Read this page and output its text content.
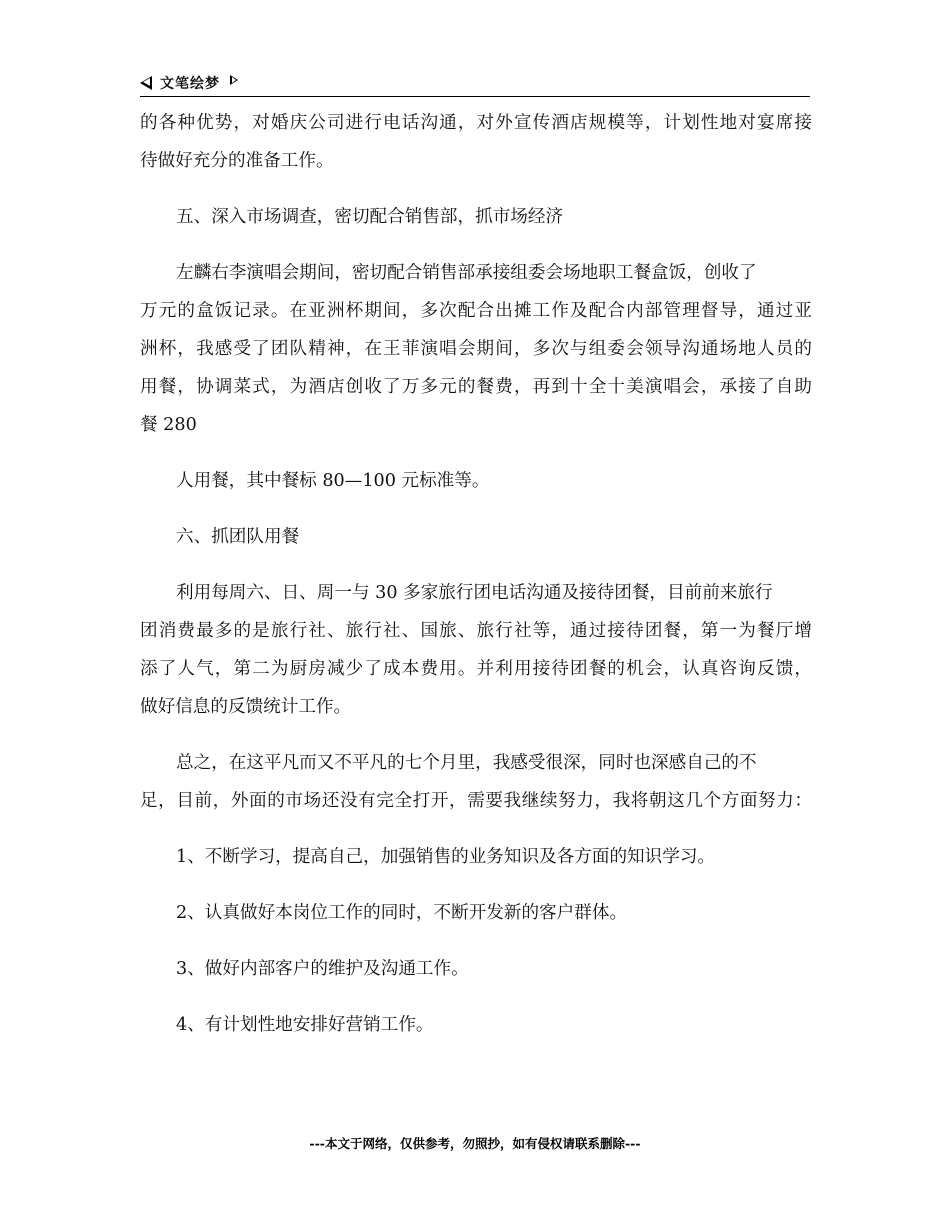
文笔绘梦
的各种优势，对婚庆公司进行电话沟通，对外宣传酒店规模等，计划性地对宴席接
待做好充分的准备工作。
五、深入市场调查，密切配合销售部，抓市场经济
左麟右李演唱会期间，密切配合销售部承接组委会场地职工餐盒饭，创收了
万元的盒饭记录。在亚洲杯期间，多次配合出摊工作及配合内部管理督导，通过亚
洲杯，我感受了团队精神，在王菲演唱会期间，多次与组委会领导沟通场地人员的
用餐，协调菜式，为酒店创收了万多元的餐费，再到十全十美演唱会，承接了自助
餐 280
人用餐，其中餐标 80—100 元标准等。
六、抓团队用餐
利用每周六、日、周一与 30 多家旅行团电话沟通及接待团餐，目前前来旅行
团消费最多的是旅行社、旅行社、国旅、旅行社等，通过接待团餐，第一为餐厅增
添了人气，第二为厨房减少了成本费用。并利用接待团餐的机会，认真咨询反馈，
做好信息的反馈统计工作。
总之，在这平凡而又不平凡的七个月里，我感受很深，同时也深感自己的不
足，目前，外面的市场还没有完全打开，需要我继续努力，我将朝这几个方面努力：
1、不断学习，提高自己，加强销售的业务知识及各方面的知识学习。
2、认真做好本岗位工作的同时，不断开发新的客户群体。
3、做好内部客户的维护及沟通工作。
4、有计划性地安排好营销工作。
---本文于网络，仅供参考，勿照抄，如有侵权请联系删除---
